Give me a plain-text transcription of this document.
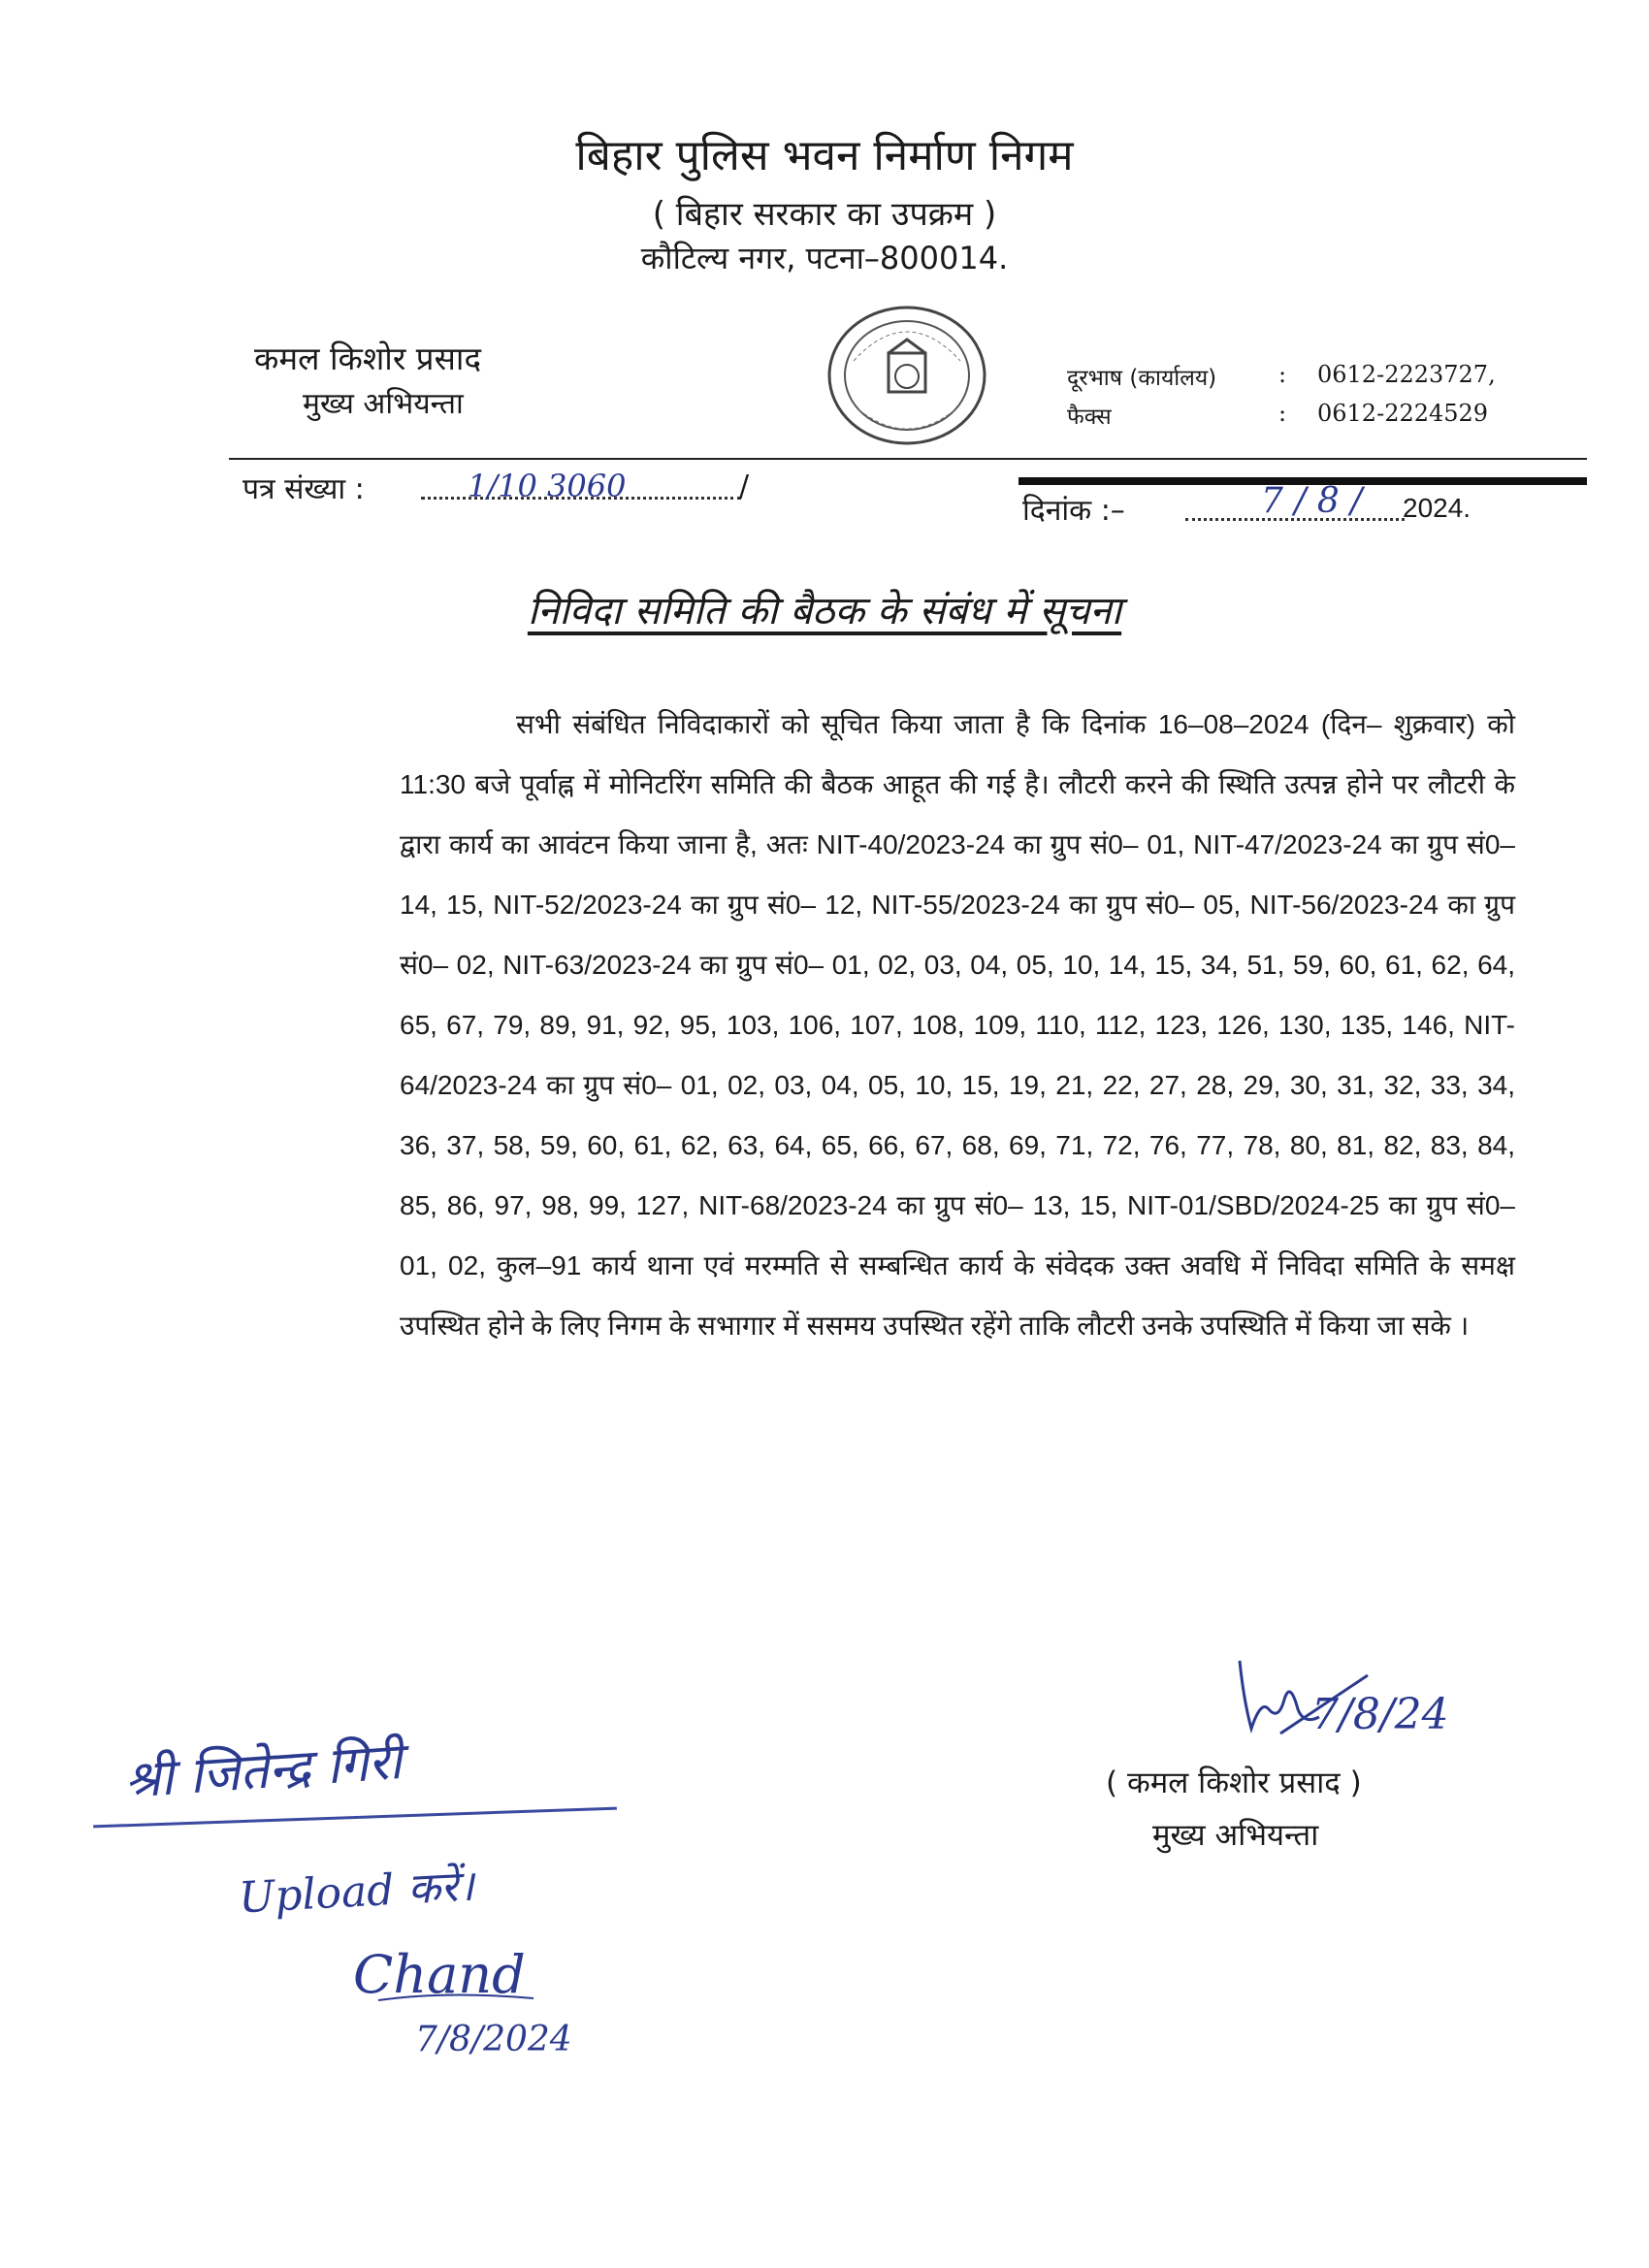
बिहार पुलिस भवन निर्माण निगम
( बिहार सरकार का उपक्रम )
कौटिल्य नगर, पटना–800014.
कमल किशोर प्रसाद
मुख्य अभियन्ता
दूरभाष (कार्यालय)	: 0612-2223727,
फैक्स	: 0612-2224529
पत्र संख्या :	1/10 3060	/
दिनांक :–	7 / 8 / 2024.
निविदा समिति की बैठक के संबंध में सूचना
सभी संबंधित निविदाकारों को सूचित किया जाता है कि दिनांक 16–08–2024 (दिन– शुक्रवार) को 11:30 बजे पूर्वाह्न में मोनिटरिंग समिति की बैठक आहूत की गई है। लौटरी करने की स्थिति उत्पन्न होने पर लौटरी के द्वारा कार्य का आवंटन किया जाना है, अतः NIT-40/2023-24 का ग्रुप सं0– 01, NIT-47/2023-24 का ग्रुप सं0– 14, 15, NIT-52/2023-24 का ग्रुप सं0– 12, NIT-55/2023-24 का ग्रुप सं0– 05, NIT-56/2023-24 का ग्रुप सं0– 02, NIT-63/2023-24 का ग्रुप सं0– 01, 02, 03, 04, 05, 10, 14, 15, 34, 51, 59, 60, 61, 62, 64, 65, 67, 79, 89, 91, 92, 95, 103, 106, 107, 108, 109, 110, 112, 123, 126, 130, 135, 146, NIT-64/2023-24 का ग्रुप सं0– 01, 02, 03, 04, 05, 10, 15, 19, 21, 22, 27, 28, 29, 30, 31, 32, 33, 34, 36, 37, 58, 59, 60, 61, 62, 63, 64, 65, 66, 67, 68, 69, 71, 72, 76, 77, 78, 80, 81, 82, 83, 84, 85, 86, 97, 98, 99, 127, NIT-68/2023-24 का ग्रुप सं0– 13, 15, NIT-01/SBD/2024-25 का ग्रुप सं0– 01, 02, कुल–91 कार्य थाना एवं मरम्मति से सम्बन्धित कार्य के संवेदक उक्त अवधि में निविदा समिति के समक्ष उपस्थित होने के लिए निगम के सभागार में ससमय उपस्थित रहेंगे ताकि लौटरी उनके उपस्थिति में किया जा सके ।
7/8/24
( कमल किशोर प्रसाद )
मुख्य अभियन्ता
श्री जितेन्द्र गिरी
Upload करें।
Chand
7/8/2024
